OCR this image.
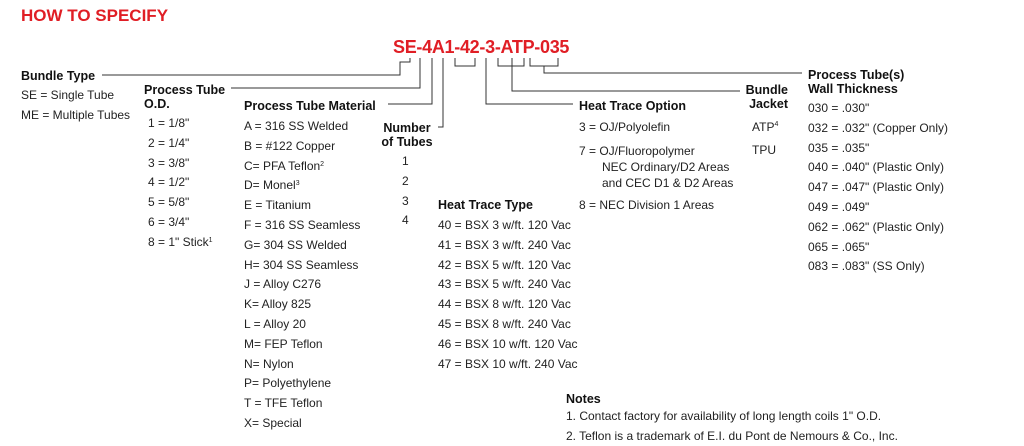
HOW TO SPECIFY
SE-4A1-42-3-ATP-035
Bundle Type
SE = Single Tube
ME = Multiple Tubes
Process Tube
O.D.
1 = 1/8"
2 = 1/4"
3 = 3/8"
4 = 1/2"
5 = 5/8"
6 = 3/4"
8 = 1" Stick$^1$
Process Tube Material
A = 316 SS Welded
B = #122 Copper
C= PFA Teflon$^2$
D= Monel$^3$
E = Titanium
F = 316 SS Seamless
G= 304 SS Welded
H= 304 SS Seamless
J = Alloy C276
K= Alloy 825
L = Alloy 20
M= FEP Teflon
N= Nylon
P= Polyethylene
T = TFE Teflon
X= Special
Number
of Tubes
1
2
3
4
Heat Trace Type
40 = BSX 3 w/ft. 120 Vac
41 = BSX 3 w/ft. 240 Vac
42 = BSX 5 w/ft. 120 Vac
43 = BSX 5 w/ft. 240 Vac
44 = BSX 8 w/ft. 120 Vac
45 = BSX 8 w/ft. 240 Vac
46 = BSX 10 w/ft. 120 Vac
47 = BSX 10 w/ft. 240 Vac
Heat Trace Option
3 = OJ/Polyolefin
7 = OJ/Fluoropolymer
NEC Ordinary/D2 Areas
and CEC D1 & D2 Areas
8 = NEC Division 1 Areas
Bundle
Jacket
ATP$^4$
TPU
Process Tube(s)
Wall Thickness
030 = .030"
032 = .032" (Copper Only)
035 = .035"
040 = .040" (Plastic Only)
047 = .047" (Plastic Only)
049 = .049"
062 = .062" (Plastic Only)
065 = .065"
083 = .083" (SS Only)
Notes
1. Contact factory for availability of long length coils 1" O.D.
2. Teflon is a trademark of E.I. du Pont de Nemours & Co., Inc.
